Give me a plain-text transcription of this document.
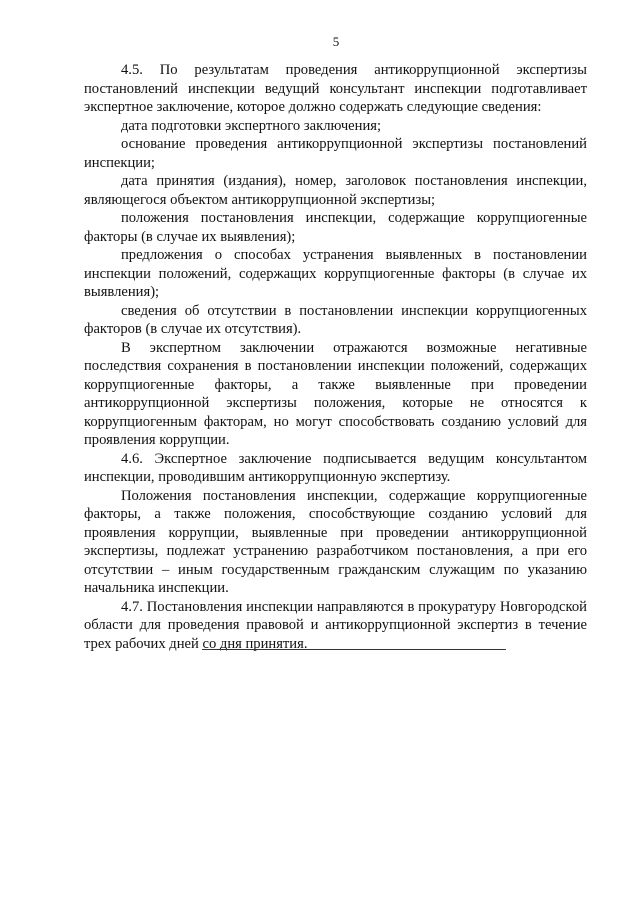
5

4.5. По результатам проведения антикоррупционной экспертизы постановлений инспекции ведущий консультант инспекции подготавливает экспертное заключение, которое должно содержать следующие сведения:

дата подготовки экспертного заключения;

основание проведения антикоррупционной экспертизы постановлений инспекции;

дата принятия (издания), номер, заголовок постановления инспекции, являющегося объектом антикоррупционной экспертизы;

положения постановления инспекции, содержащие коррупциогенные факторы (в случае их выявления);

предложения о способах устранения выявленных в постановлении инспекции положений, содержащих коррупциогенные факторы (в случае их выявления);

сведения об отсутствии в постановлении инспекции коррупциогенных факторов (в случае их отсутствия).

В экспертном заключении отражаются возможные негативные последствия сохранения в постановлении инспекции положений, содержащих коррупциогенные факторы, а также выявленные при проведении антикоррупционной экспертизы положения, которые не относятся к коррупциогенным факторам, но могут способствовать созданию условий для проявления коррупции.

4.6. Экспертное заключение подписывается ведущим консультантом инспекции, проводившим антикоррупционную экспертизу.

Положения постановления инспекции, содержащие коррупциогенные факторы, а также положения, способствующие созданию условий для проявления коррупции, выявленные при проведении антикоррупционной экспертизы, подлежат устранению разработчиком постановления, а при его отсутствии – иным государственным гражданским служащим по указанию начальника инспекции.

4.7. Постановления инспекции направляются в прокуратуру Новгородской области для проведения правовой и антикоррупционной экспертиз в течение трех рабочих дней со дня принятия.
